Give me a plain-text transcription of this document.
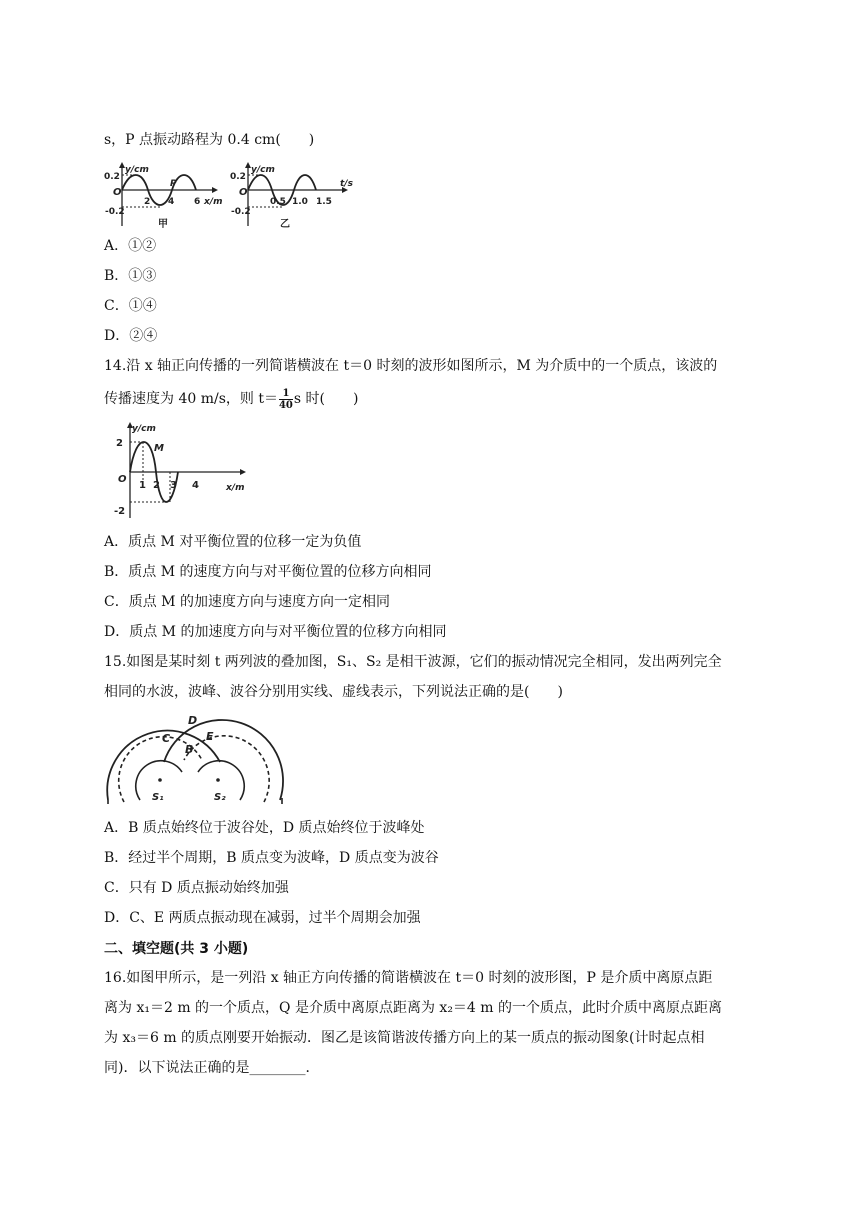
s，P 点振动路程为 0.4 cm(　　)
0.2
-0.2
O
y/cm
x/m
2 4 6
P
甲
0.2
-0.2
O
y/cm
t/s
0.5 1.0 1.5
乙
A．①②
B．①③
C．①④
D．②④
14.沿 x 轴正向传播的一列简谐横波在 t＝0 时刻的波形如图所示，M 为介质中的一个质点，该波的
传播速度为 40 m/s，则 $t= \frac{1}{40}$ s 时(　　)
2
-2
O
y/cm
x/m
1 2 3 4
M
A．质点 M 对平衡位置的位移一定为负值
B．质点 M 的速度方向与对平衡位置的位移方向相同
C．质点 M 的加速度方向与速度方向一定相同
D．质点 M 的加速度方向与对平衡位置的位移方向相同
15.如图是某时刻 t 两列波的叠加图，S₁、S₂ 是相干波源，它们的振动情况完全相同，发出两列完全
相同的水波，波峰、波谷分别用实线、虚线表示，下列说法正确的是(　　)
D
C	E
B
S₁	S₂
A．B 质点始终位于波谷处，D 质点始终位于波峰处
B．经过半个周期，B 质点变为波峰，D 质点变为波谷
C．只有 D 质点振动始终加强
D．C、E 两质点振动现在减弱，过半个周期会加强
二、填空题(共 3 小题)
16.如图甲所示，是一列沿 x 轴正方向传播的简谐横波在 t＝0 时刻的波形图，P 是介质中离原点距
离为 x₁＝2 m 的一个质点，Q 是介质中离原点距离为 x₂＝4 m 的一个质点，此时介质中离原点距离
为 x₃＝6 m 的质点刚要开始振动．图乙是该简谐波传播方向上的某一质点的振动图象(计时起点相
同)．以下说法正确的是________．
